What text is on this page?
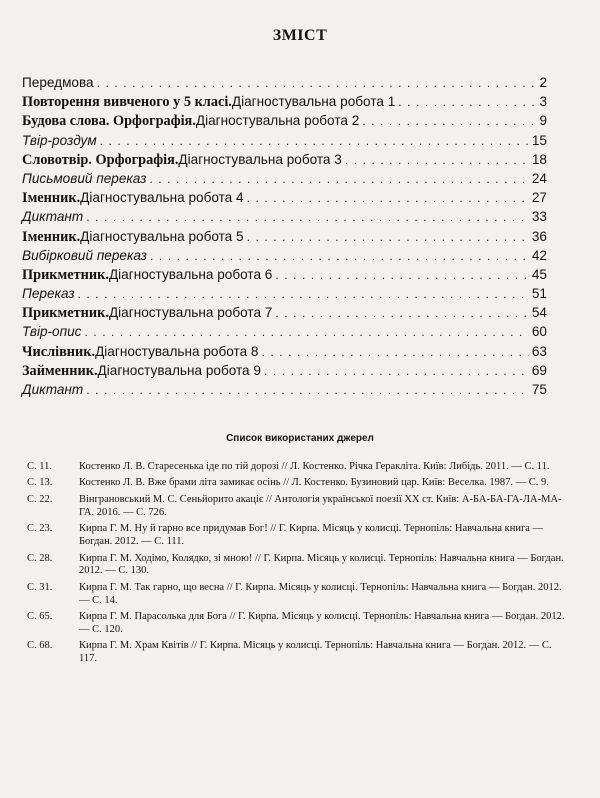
ЗМІСТ
Передмова . . .	2
Повторення вивченого у 5 класі. Діагностувальна робота 1 . . .	3
Будова слова. Орфографія. Діагностувальна робота 2 . . .	9
Твір-роздум . . .	15
Словотвір. Орфографія. Діагностувальна робота 3 . . .	18
Письмовий переказ . . .	24
Іменник. Діагностувальна робота 4 . . .	27
Диктант . . .	33
Іменник. Діагностувальна робота 5 . . .	36
Вибірковий переказ . . .	42
Прикметник. Діагностувальна робота 6 . . .	45
Переказ . . .	51
Прикметник. Діагностувальна робота 7 . . .	54
Твір-опис . . .	60
Числівник. Діагностувальна робота 8 . . .	63
Займенник. Діагностувальна робота 9 . . .	69
Диктант . . .	75
Список використаних джерел
С. 11.	Костенко Л. В. Старесенька іде по тій дорозі // Л. Костенко. Річка Геракліта. Київ: Либідь. 2011. — С. 11.
С. 13.	Костенко Л. В. Вже брами літа замикає осінь // Л. Костенко. Бузиновий цар. Київ: Веселка. 1987. — С. 9.
С. 22.	Вінграновський М. С. Сеньйорито акаціє // Антологія української поезії XX ст. Київ: А-БА-БА-ГА-ЛА-МА-ГА. 2016. — С. 726.
С. 23.	Кирпа Г. М. Ну й гарно все придумав Бог! // Г. Кирпа. Місяць у колисці. Тернопіль: Навчальна книга — Богдан. 2012. — С. 111.
С. 28.	Кирпа Г. М. Ходімо, Колядко, зі мною! // Г. Кирпа. Місяць у колисці. Тернопіль: Навчальна книга — Богдан. 2012. — С. 130.
С. 31.	Кирпа Г. М. Так гарно, що весна // Г. Кирпа. Місяць у колисці. Тернопіль: Навчальна книга — Богдан. 2012. — С. 14.
С. 65.	Кирпа Г. М. Парасолька для Бога // Г. Кирпа. Місяць у колисці. Тернопіль: Навчальна книга — Богдан. 2012. — С. 120.
С. 68.	Кирпа Г. М. Храм Квітів // Г. Кирпа. Місяць у колисці. Тернопіль: Навчальна книга — Богдан. 2012. — С. 117.
